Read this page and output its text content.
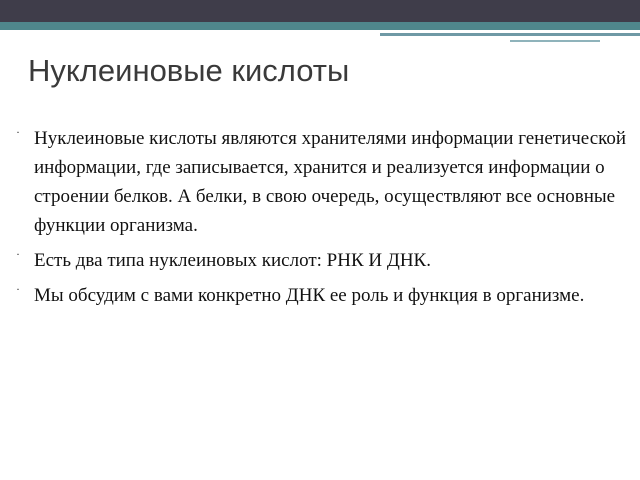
Нуклеиновые кислоты
· Нуклеиновые кислоты являются хранителями информации генетической информации, где записывается, хранится и реализуется информации о строении белков. А белки, в свою очередь, осуществляют все основные функции организма.
· Есть два типа нуклеиновых кислот: РНК И ДНК.
· Мы обсудим с вами конкретно ДНК ее роль и функция в организме.
